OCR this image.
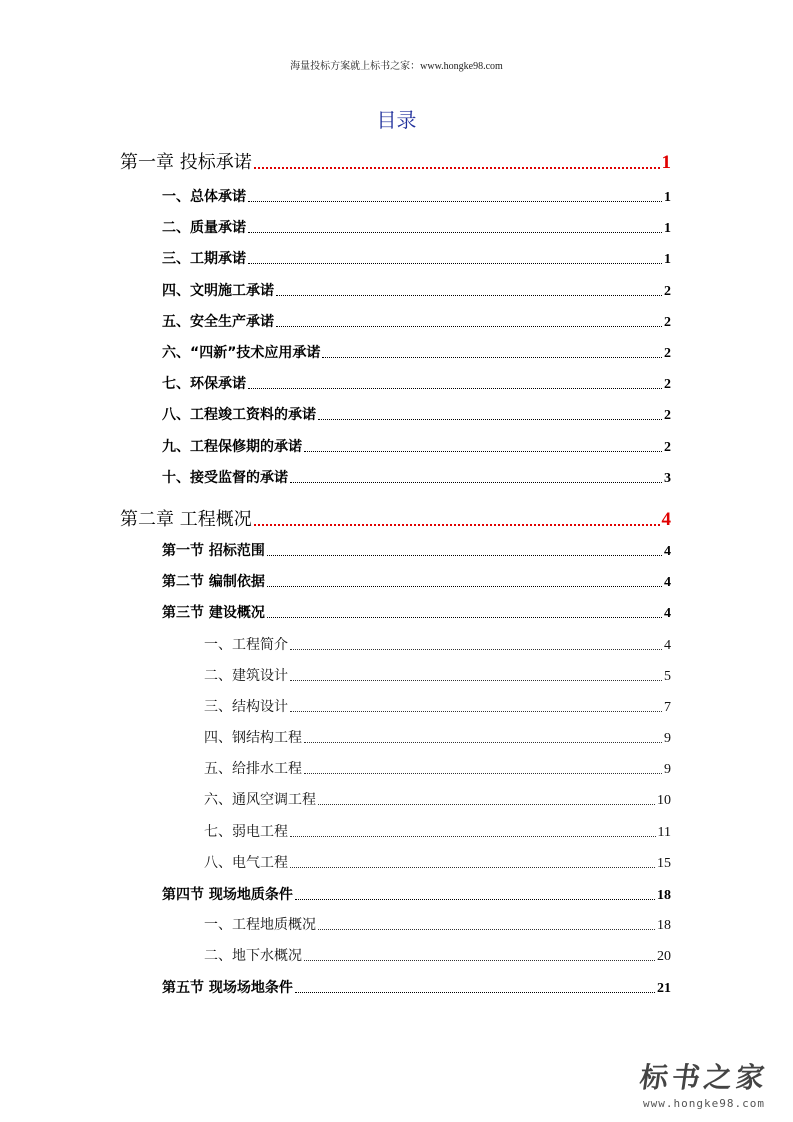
海量投标方案就上标书之家：www.hongke98.com
目录
第一章 投标承诺	1
一、总体承诺	1
二、质量承诺	1
三、工期承诺	1
四、文明施工承诺	2
五、安全生产承诺	2
六、“四新”技术应用承诺	2
七、环保承诺	2
八、工程竣工资料的承诺	2
九、工程保修期的承诺	2
十、接受监督的承诺	3
第二章 工程概况	4
第一节 招标范围	4
第二节 编制依据	4
第三节 建设概况	4
一、工程简介	4
二、建筑设计	5
三、结构设计	7
四、钢结构工程	9
五、给排水工程	9
六、通风空调工程	10
七、弱电工程	11
八、电气工程	15
第四节 现场地质条件	18
一、工程地质概况	18
二、地下水概况	20
第五节 现场场地条件	21
标书之家
www.hongke98.com
